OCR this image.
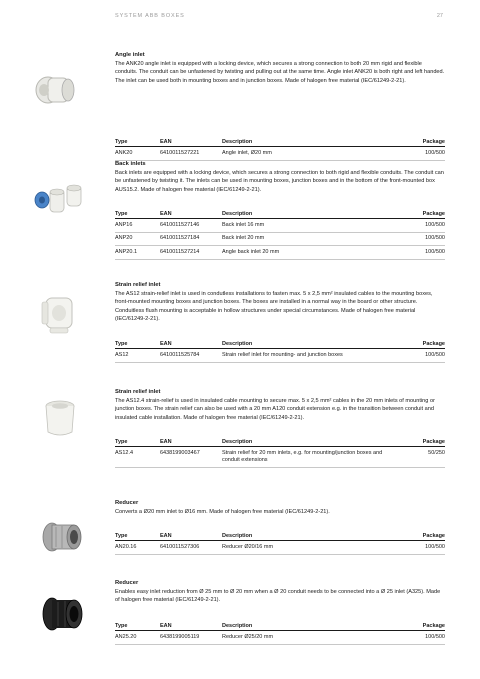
SYSTEM ABB BOXES	27

Angle inlet

The ANK20 angle inlet is equipped with a locking device, which secures a strong connection to both 20 mm rigid and flexible conduits. The conduit can be unfastened by twisting and pulling out at the same time. Angle inlet ANK20 is both right and left handed. The inlet can be used both in mounting boxes and in junction boxes. Made of halogen free material (IEC/61249-2-21).

Type	EAN	Description	Package
ANK20	6410011527221	Angle inlet, Ø20 mm	100/500

Back inlets

Back inlets are equipped with a locking device, which secures a strong connection to both rigid and flexible conduits. The conduit can be unfastened by twisting it. The inlets can be used in mounting boxes, junction boxes and in the bottom of the front-mounted box AUS15.2. Made of halogen free material (IEC/61249-2-21).

Type	EAN	Description	Package
ANP16	6410011527146	Back inlet 16 mm	100/500
ANP20	6410011527184	Back inlet 20 mm	100/500
ANP20.1	6410011527214	Angle back inlet 20 mm	100/500

Strain relief inlet

The AS12 strain-relief inlet is used in condutless installations to fasten max. 5 x 2,5 mm² insulated cables to the mounting boxes, front-mounted mounting boxes and junction boxes. The boxes are installed in a normal way in the board or other structure. Conduitless flush mounting is acceptable in hollow structures under special circumstances. Made of halogen free material (IEC/61249-2-21).

Type	EAN	Description	Package
AS12	6410011525784	Strain relief inlet for mounting- and junction boxes	100/500

Strain relief inlet

The AS12.4 strain-relief is used in insulated cable mounting to secure max. 5 x 2,5 mm² cables in the 20 mm inlets of mounting or junction boxes. The strain relief can also be used with a 20 mm A120 conduit extension e.g. in the transition between conduit and insulated cable installation. Made of halogen free material (IEC/61249-2-21).

Type	EAN	Description	Package
AS12.4	6438199003467	Strain relief for 20 mm inlets, e.g. for mounting/junction boxes and conduit extensions	50/250

Reducer

Converts a Ø20 mm inlet to Ø16 mm. Made of halogen free material (IEC/61249-2-21).

Type	EAN	Description	Package
AN20.16	6410011527306	Reducer Ø20/16 mm	100/500

Reducer

Enables easy inlet reduction from Ø 25 mm to Ø 20 mm when a Ø 20 conduit needs to be connected into a Ø 25 inlet (A325). Made of halogen free material (IEC/61249-2-21).

Type	EAN	Description	Package
AN25.20	6438199005119	Reducer Ø25/20 mm	100/500
